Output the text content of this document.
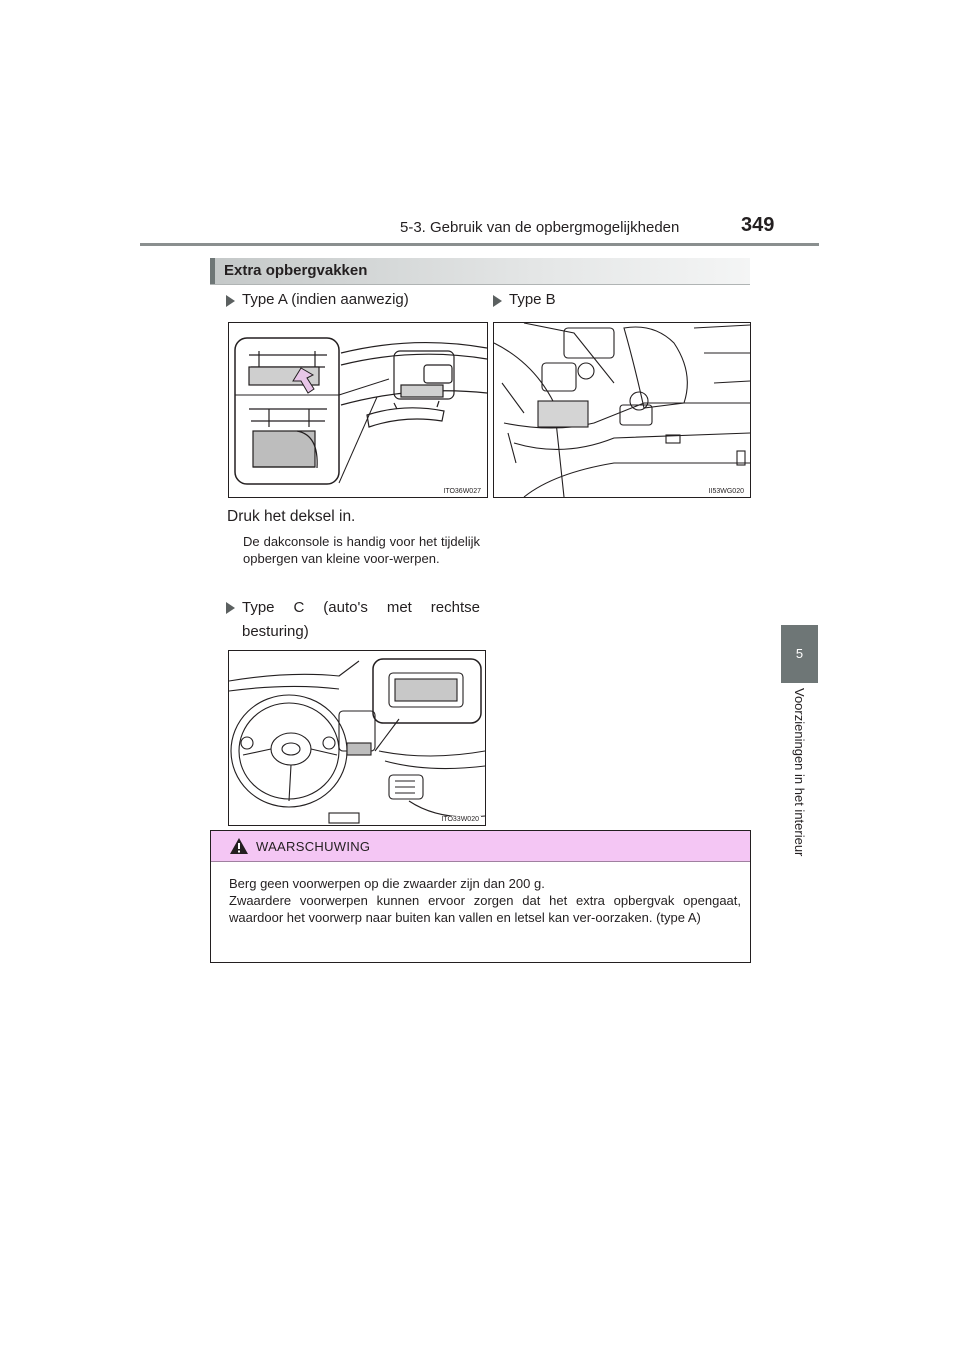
5-3. Gebruik van de opbergmogelijkheden	349
5
Voorzieningen in het interieur
Extra opbergvakken
Type A (indien aanwezig)	Type B
ITO36W027	II53WG020
Druk het deksel in.
De dakconsole is handig voor het tijdelijk opbergen van kleine voor-werpen.
Type C (auto's met rechtse besturing)
ITO33W020
WAARSCHUWING

Berg geen voorwerpen op die zwaarder zijn dan 200 g.

Zwaardere voorwerpen kunnen ervoor zorgen dat het extra opbergvak opengaat, waardoor het voorwerp naar buiten kan vallen en letsel kan ver-oorzaken. (type A)
